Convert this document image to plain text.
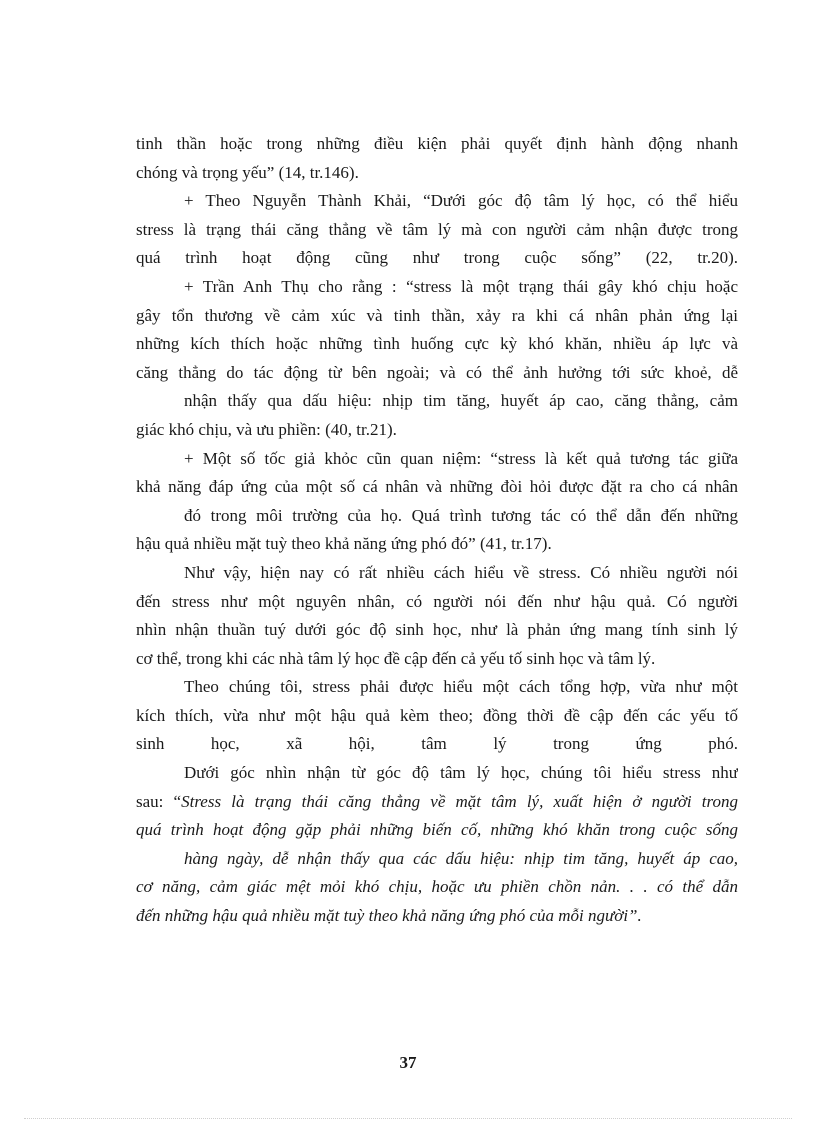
tinh thần hoặc trong những điều kiện phải quyết định hành động nhanh
chóng và trọng yếu” (14, tr.146).
+ Theo Nguyễn Thành Khải, “Dưới góc độ tâm lý học, có thể hiểu
stress là trạng thái căng thẳng về tâm lý mà con người cảm nhận được trong
quá trình hoạt động cũng như trong cuộc sống” (22, tr.20).
+ Trần Anh Thụ cho rằng : “stress là một trạng thái gây khó chịu hoặc
gây tổn thương về cảm xúc và tinh thần, xảy ra khi cá nhân phản ứng lại
những kích thích hoặc những tình huống cực kỳ khó khăn, nhiều áp lực và
căng thẳng do tác động từ bên ngoài; và có thể ảnh hưởng tới sức khoẻ, dễ
nhận thấy qua dấu hiệu: nhịp tim tăng, huyết áp cao, căng thẳng, cảm
giác khó chịu, và ưu phiền: (40, tr.21).
+ Một số tốc giả khỏc cũn quan niệm: “stress là kết quả tương tác giữa
khả năng đáp ứng của một số cá nhân và những đòi hỏi được đặt ra cho cá nhân
đó trong môi trường của họ. Quá trình tương tác có thể dẫn đến những
hậu quả nhiều mặt tuỳ theo khả năng ứng phó đó” (41, tr.17).
Như vậy, hiện nay có rất nhiều cách hiểu về stress. Có nhiều người nói
đến stress như một nguyên nhân, có người nói đến như hậu quả. Có người
nhìn nhận thuần tuý dưới góc độ sinh học, như là phản ứng mang tính sinh lý
cơ thể, trong khi các nhà tâm lý học đề cập đến cả yếu tố sinh học và tâm lý.
Theo chúng tôi, stress phải được hiểu một cách tổng hợp, vừa như một
kích thích, vừa như một hậu quả kèm theo; đồng thời đề cập đến các yếu tố
sinh học, xã hội, tâm lý trong ứng phó.
Dưới góc nhìn nhận từ góc độ tâm lý học, chúng tôi hiểu stress như
sau: “Stress là trạng thái căng thẳng về mặt tâm lý, xuất hiện ở người trong
quá trình hoạt động gặp phải những biến cố, những khó khăn trong cuộc sống
hàng ngày, dễ nhận thấy qua các dấu hiệu: nhịp tim tăng, huyết áp cao,
cơ năng, cảm giác mệt mỏi khó chịu, hoặc ưu phiền chồn nản. . . có thể dẫn
đến những hậu quả nhiều mặt tuỳ theo khả năng ứng phó của mỗi người”.
37
